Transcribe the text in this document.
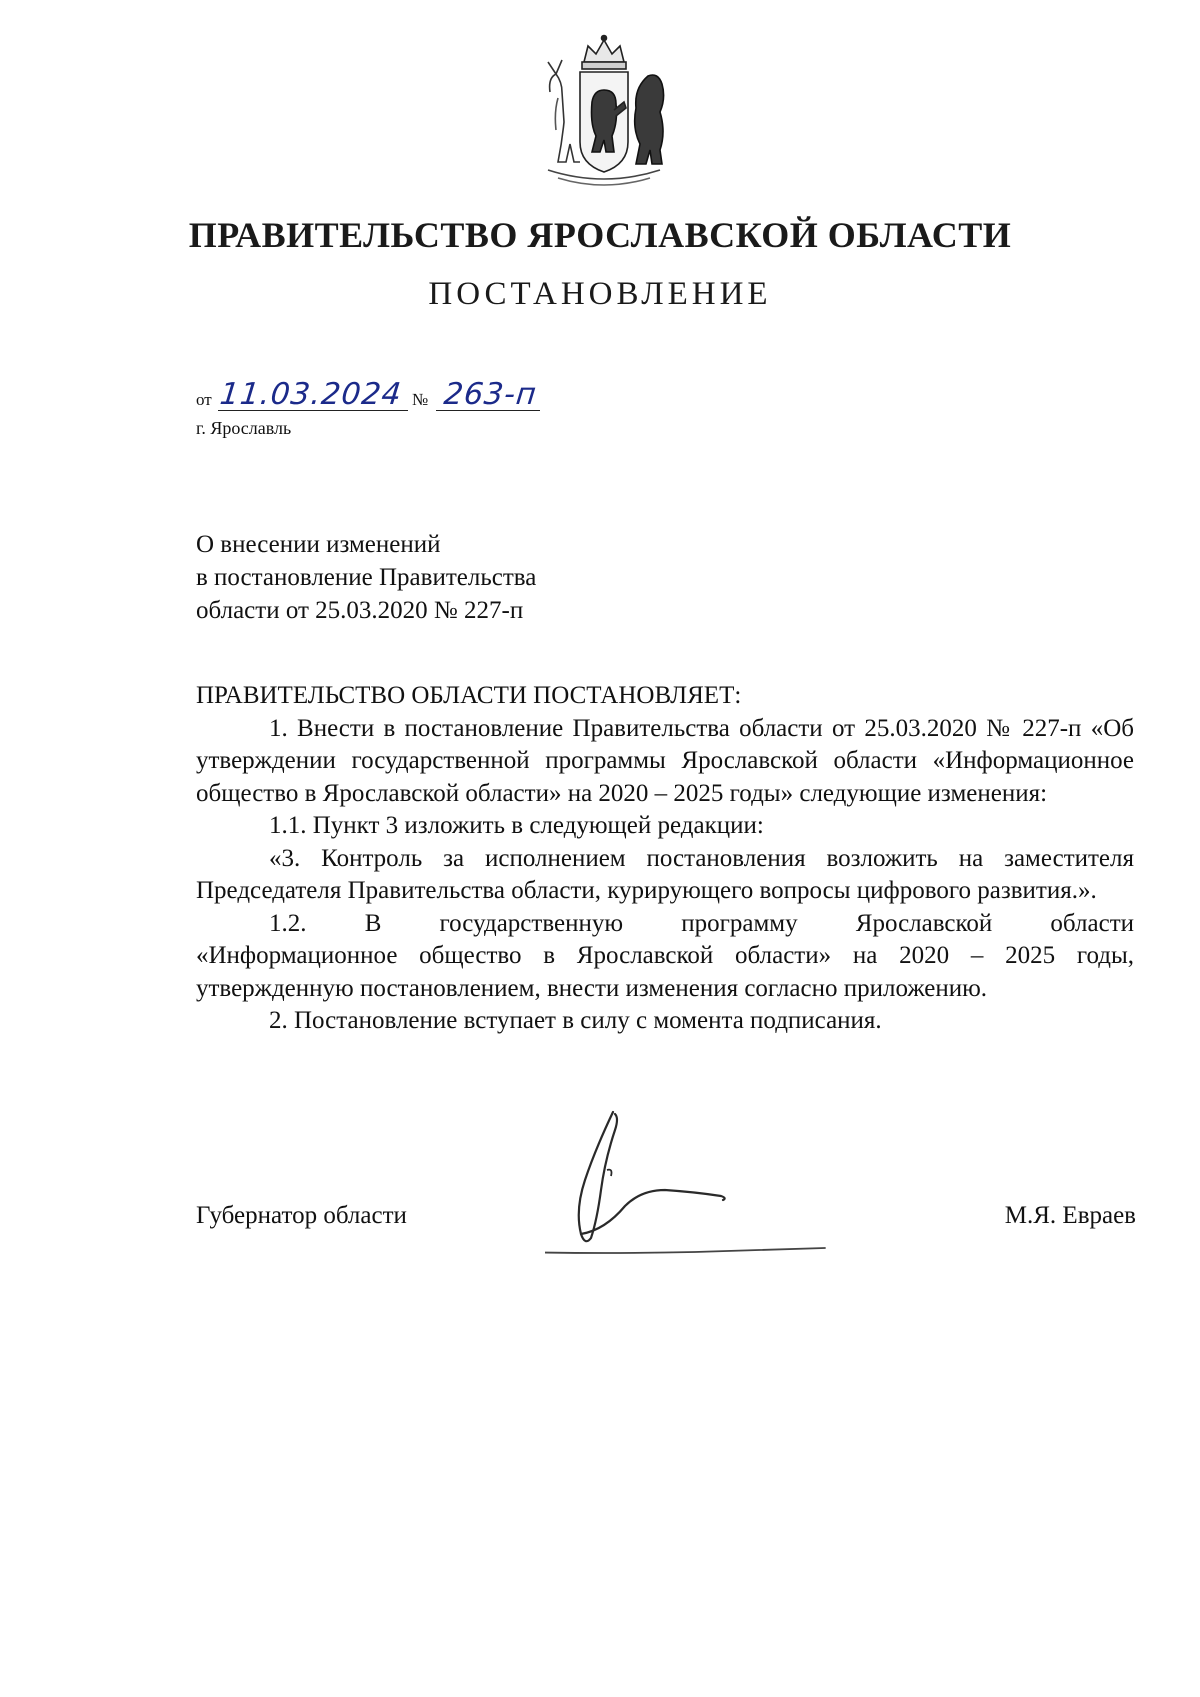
ПРАВИТЕЛЬСТВО ЯРОСЛАВСКОЙ ОБЛАСТИ
ПОСТАНОВЛЕНИЕ
от 11.03.2024 № 263-п
г. Ярославль
О внесении изменений
в постановление Правительства
области от 25.03.2020 № 227-п

ПРАВИТЕЛЬСТВО ОБЛАСТИ ПОСТАНОВЛЯЕТ:

1. Внести в постановление Правительства области от 25.03.2020 № 227-п «Об утверждении государственной программы Ярославской области «Информационное общество в Ярославской области» на 2020 – 2025 годы» следующие изменения:

1.1. Пункт 3 изложить в следующей редакции:

«3. Контроль за исполнением постановления возложить на заместителя Председателя Правительства области, курирующего вопросы цифрового развития.».

1.2. В государственную программу Ярославской области

«Информационное общество в Ярославской области» на 2020 – 2025 годы, утвержденную постановлением, внести изменения согласно приложению.

2. Постановление вступает в силу с момента подписания.

Губернатор области	М.Я. Евраев
